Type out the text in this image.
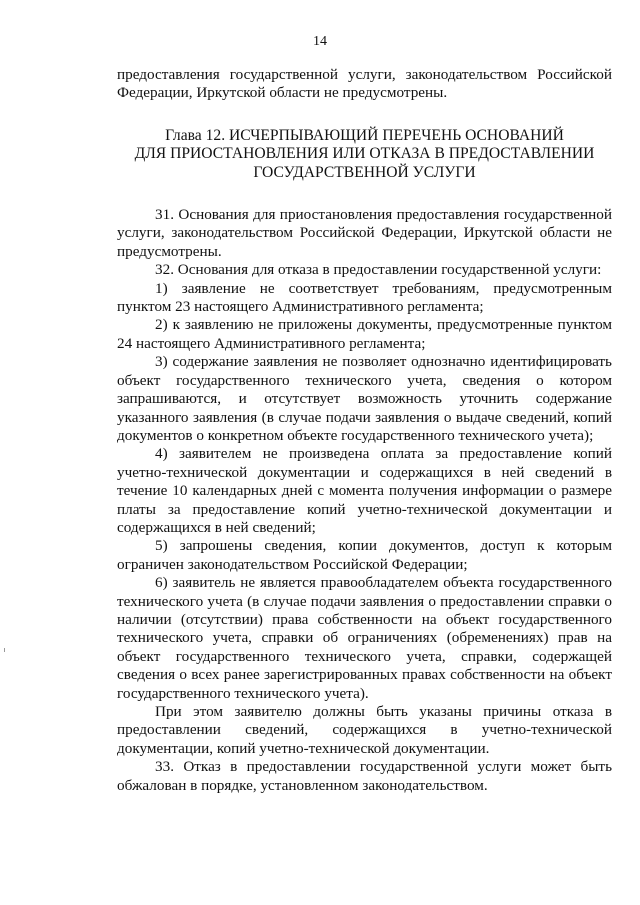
14

предоставления государственной услуги, законодательством Российской Федерации, Иркутской области не предусмотрены.

Глава 12. ИСЧЕРПЫВАЮЩИЙ ПЕРЕЧЕНЬ ОСНОВАНИЙ
ДЛЯ ПРИОСТАНОВЛЕНИЯ ИЛИ ОТКАЗА В ПРЕДОСТАВЛЕНИИ
ГОСУДАРСТВЕННОЙ УСЛУГИ

31. Основания для приостановления предоставления государственной услуги, законодательством Российской Федерации, Иркутской области не предусмотрены.

32. Основания для отказа в предоставлении государственной услуги:

1) заявление не соответствует требованиям, предусмотренным пунктом 23 настоящего Административного регламента;

2) к заявлению не приложены документы, предусмотренные пунктом 24 настоящего Административного регламента;

3) содержание заявления не позволяет однозначно идентифицировать объект государственного технического учета, сведения о котором запрашиваются, и отсутствует возможность уточнить содержание указанного заявления (в случае подачи заявления о выдаче сведений, копий документов о конкретном объекте государственного технического учета);

4) заявителем не произведена оплата за предоставление копий учетно-технической документации и содержащихся в ней сведений в течение 10 календарных дней с момента получения информации о размере платы за предоставление копий учетно-технической документации и содержащихся в ней сведений;

5) запрошены сведения, копии документов, доступ к которым ограничен законодательством Российской Федерации;

6) заявитель не является правообладателем объекта государственного технического учета (в случае подачи заявления о предоставлении справки о наличии (отсутствии) права собственности на объект государственного технического учета, справки об ограничениях (обременениях) прав на объект государственного технического учета, справки, содержащей сведения о всех ранее зарегистрированных правах собственности на объект государственного технического учета).

При этом заявителю должны быть указаны причины отказа в предоставлении сведений, содержащихся в учетно-технической документации, копий учетно-технической документации.

33. Отказ в предоставлении государственной услуги может быть обжалован в порядке, установленном законодательством.
